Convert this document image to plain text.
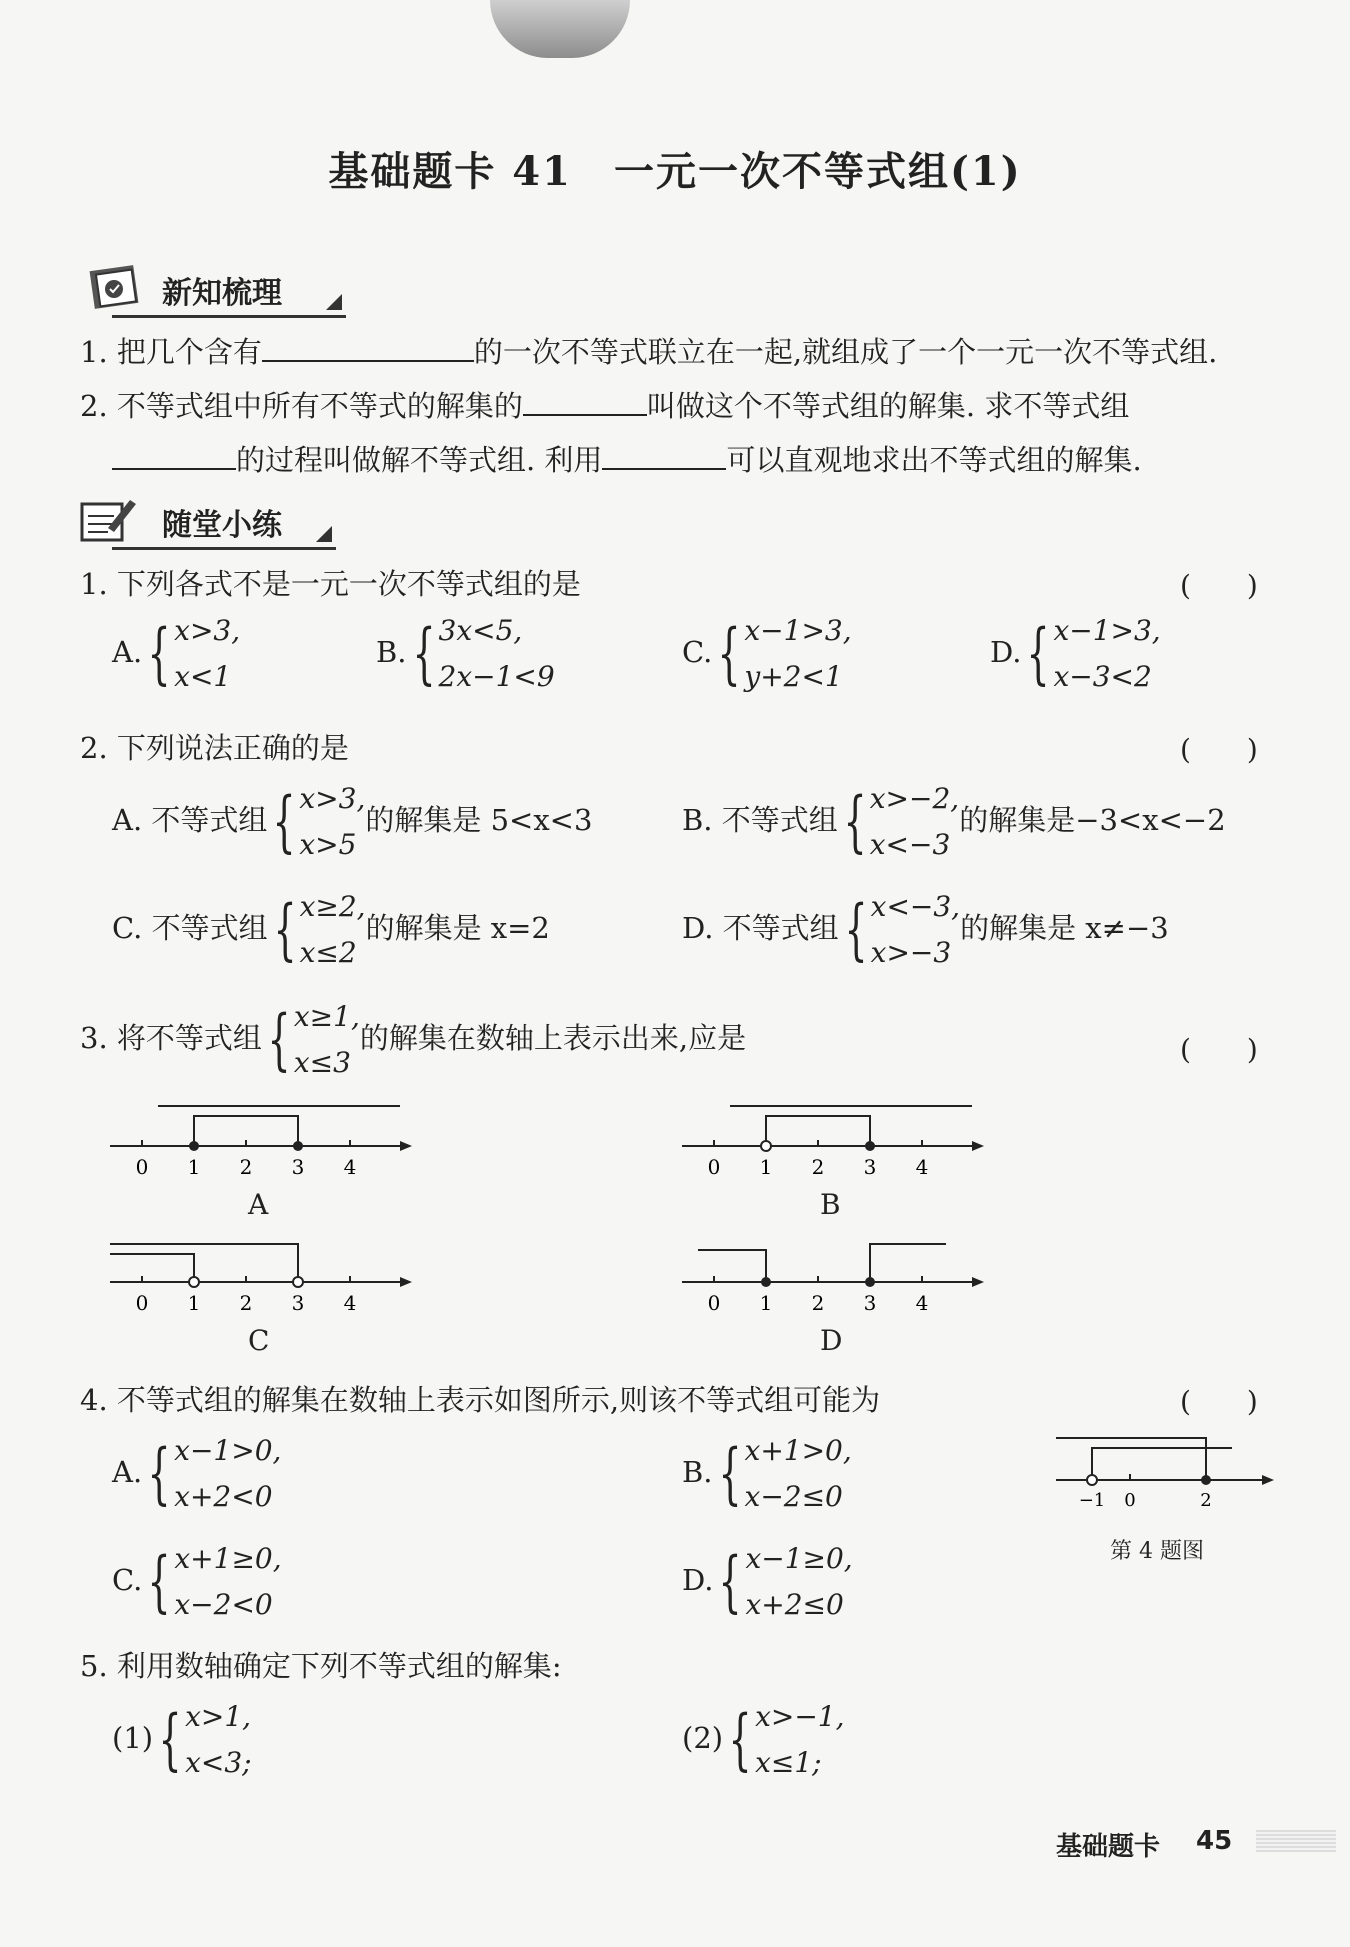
基础题卡 41　一元一次不等式组(1)
新知梳理
1. 把几个含有	的一次不等式联立在一起,就组成了一个一元一次不等式组.
2. 不等式组中所有不等式的解集的	叫做这个不等式组的解集. 求不等式组
的过程叫做解不等式组. 利用	可以直观地求出不等式组的解集.
随堂小练
1. 下列各式不是一元一次不等式组的是	(　　)
A.{ x>3,
x<1
B.{ 3x<5,
2x−1<9
C.{ x−1>3,
y+2<1
D.{ x−1>3,
x−3<2
2. 下列说法正确的是	(　　)
A. 不等式组{ x>3,
x>5的解集是 5<x<3	B. 不等式组{ x>−2,
x<−3的解集是−3<x<−2
C. 不等式组{ x≥2,
x≤2的解集是 x=2	D. 不等式组{ x<−3,
x>−3的解集是 x≠−3
3. 将不等式组{ x≥1,
x≤3的解集在数轴上表示出来,应是	(　　)
0 1 2 3 4
A
0 1 2 3 4
B
0 1 2 3 4
C
0 1 2 3 4
D
4. 不等式组的解集在数轴上表示如图所示,则该不等式组可能为	(　　)
A.{ x−1>0,
x+2<0
B.{ x+1>0,
x−2≤0
C.{ x+1≥0,
x−2<0
D.{ x−1≥0,
x+2≤0
−1 0	2
第 4 题图
5. 利用数轴确定下列不等式组的解集:
(1){ x>1,
x<3;
(2){ x>−1,
x≤1;
基础题卡 45
